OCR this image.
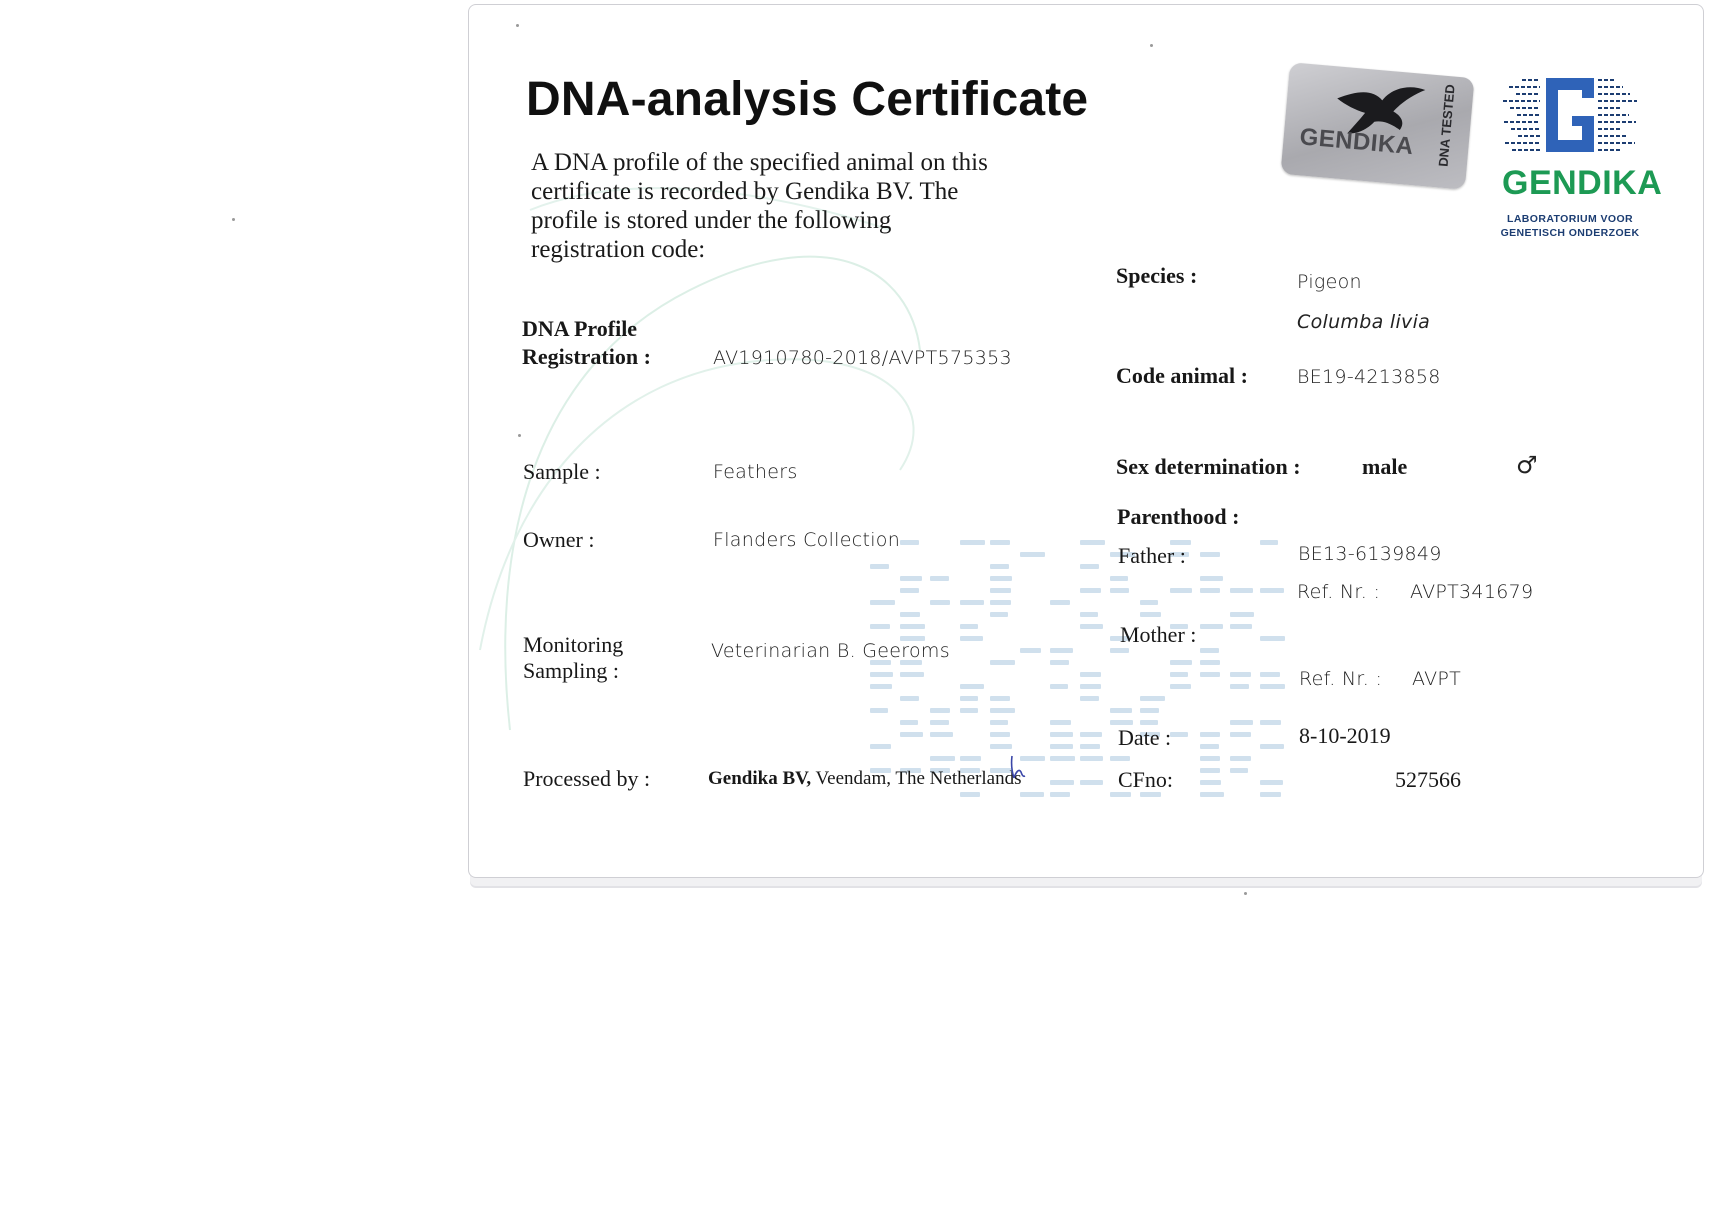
DNA-analysis Certificate
A DNA profile of the specified animal on this certificate is recorded by Gendika BV. The profile is stored under the following registration code:
GENDIKA DNA TESTED
GENDIKA
LABORATORIUM VOOR
GENETISCH ONDERZOEK
DNA Profile
Registration :	AV1910780-2018/AVPT575353
Sample :	Feathers
Owner :	Flanders Collection
Monitoring
Sampling :
Veterinarian B. Geeroms
Processed by :	Gendika BV, Veendam, The Netherlands
Species :	Pigeon
Columba livia
Code animal :	BE19-4213858
Sex determination :	male	♂
Parenthood :
Father :	BE13-6139849
Ref. Nr. : AVPT341679
Mother :
Ref. Nr. : AVPT
Date :	8-10-2019
CFno:	527566
